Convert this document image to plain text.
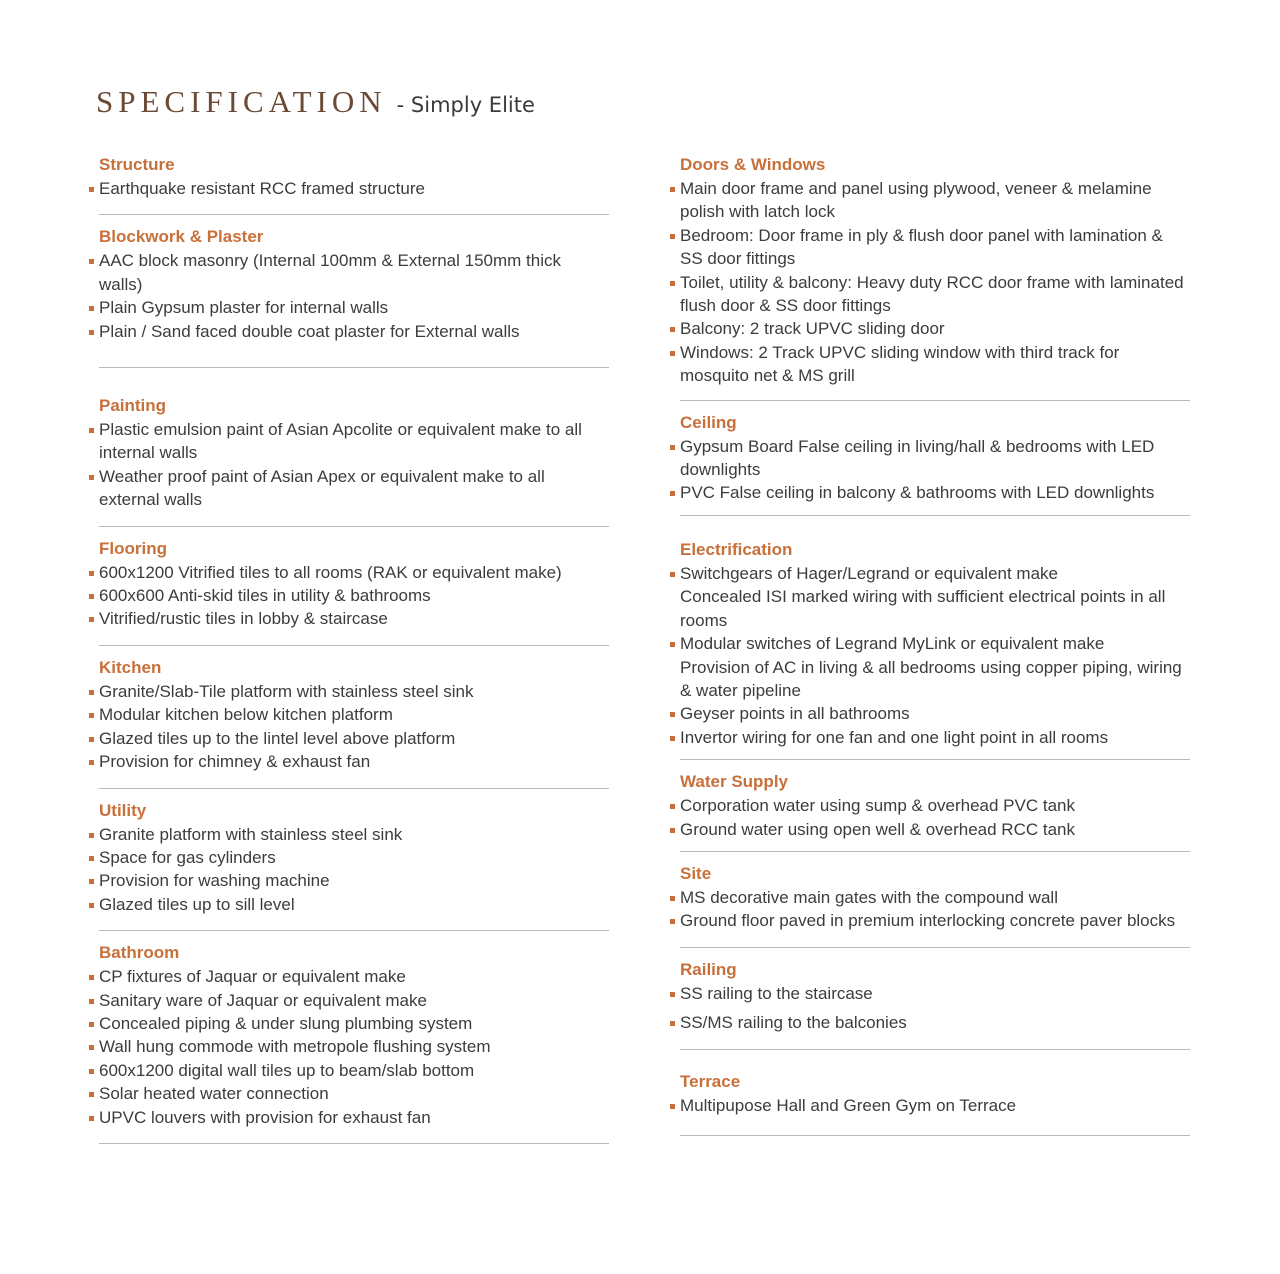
SPECIFICATION - Simply Elite
Structure
Earthquake resistant RCC framed structure
Blockwork & Plaster
AAC block masonry (Internal 100mm & External 150mm thick walls)
Plain Gypsum plaster for internal walls
Plain / Sand faced double coat plaster for External walls
Painting
Plastic emulsion paint of Asian Apcolite or equivalent make to all internal walls
Weather proof paint of Asian Apex or equivalent make to all external walls
Flooring
600x1200 Vitrified tiles to all rooms (RAK or equivalent make)
600x600 Anti-skid tiles in utility & bathrooms
Vitrified/rustic tiles in lobby & staircase
Kitchen
Granite/Slab-Tile platform with stainless steel sink
Modular kitchen below kitchen platform
Glazed tiles up to the lintel level above platform
Provision for chimney & exhaust fan
Utility
Granite platform with stainless steel sink
Space for gas cylinders
Provision for washing machine
Glazed tiles up to sill level
Bathroom
CP fixtures of Jaquar or equivalent make
Sanitary ware of Jaquar or equivalent make
Concealed piping & under slung plumbing system
Wall hung commode with metropole flushing system
600x1200 digital wall tiles up to beam/slab bottom
Solar heated water connection
UPVC louvers with provision for exhaust fan
Doors & Windows
Main door frame and panel using plywood, veneer & melamine polish with latch lock
Bedroom: Door frame in ply & flush door panel with lamination & SS door fittings
Toilet, utility & balcony: Heavy duty RCC door frame with laminated flush door & SS door fittings
Balcony: 2 track UPVC sliding door
Windows: 2 Track UPVC sliding window with third track for mosquito net & MS grill
Ceiling
Gypsum Board False ceiling in living/hall & bedrooms with LED downlights
PVC False ceiling in balcony & bathrooms with LED downlights
Electrification
Switchgears of Hager/Legrand or equivalent make
Concealed ISI marked wiring with sufficient electrical points in all rooms
Modular switches of Legrand MyLink or equivalent make
Provision of AC in living & all bedrooms using copper piping, wiring & water pipeline
Geyser points in all bathrooms
Invertor wiring for one fan and one light point in all rooms
Water Supply
Corporation water using sump & overhead PVC tank
Ground water using open well & overhead RCC tank
Site
MS decorative main gates with the compound wall
Ground floor paved in premium interlocking concrete paver blocks
Railing
SS railing to the staircase
SS/MS railing to the balconies
Terrace
Multipupose Hall and Green Gym on Terrace
